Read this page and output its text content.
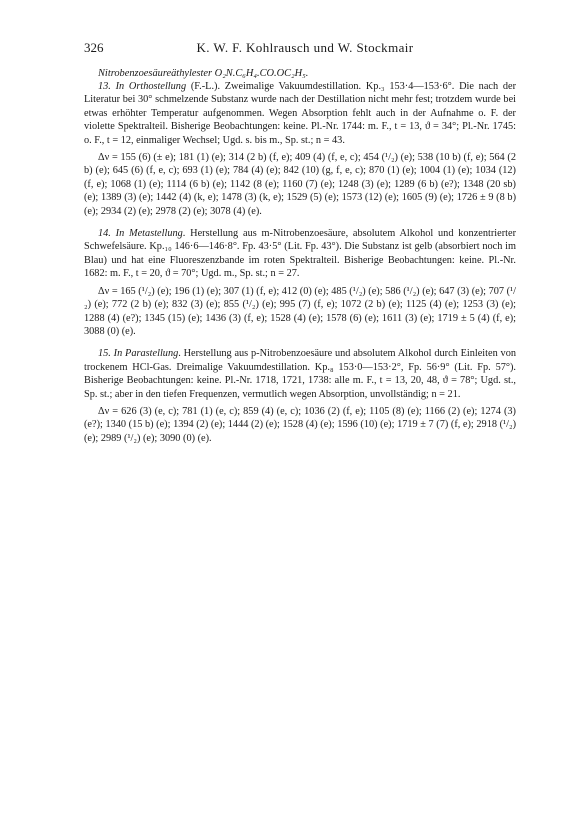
326	K. W. F. Kohlrausch und W. Stockmair

Nitrobenzoesäureäthylester O₂N.C₆H₄.CO.OC₂H₅.

13. In Orthostellung (F.-L.). Zweimalige Vakuumdestillation. Kp.₃ 153·4—153·6°. Die nach der Literatur bei 30° schmelzende Substanz wurde nach der Destillation nicht mehr fest; trotzdem wurde bei etwas erhöhter Temperatur aufgenommen. Wegen Absorption fehlt auch in der Aufnahme o. F. der violette Spektralteil. Bisherige Beobachtungen: keine. Pl.-Nr. 1744: m. F., t = 13, ϑ = 34°; Pl.-Nr. 1745: o. F., t = 12, einmaliger Wechsel; Ugd. s. bis m., Sp. st.; n = 43.

Δν = 155 (6) (± e); 181 (1) (e); 314 (2 b) (f, e); 409 (4) (f, e, c); 454 (¹/₂) (e); 538 (10 b) (f, e); 564 (2 b) (e); 645 (6) (f, e, c); 693 (1) (e); 784 (4) (e); 842 (10) (g, f, e, c); 870 (1) (e); 1004 (1) (e); 1034 (12) (f, e); 1068 (1) (e); 1114 (6 b) (e); 1142 (8 (e); 1160 (7) (e); 1248 (3) (e); 1289 (6 b) (e?); 1348 (20 sb) (e); 1389 (3) (e); 1442 (4) (k, e); 1478 (3) (k, e); 1529 (5) (e); 1573 (12) (e); 1605 (9) (e); 1726 ± 9 (8 b) (e); 2934 (2) (e); 2978 (2) (e); 3078 (4) (e).

14. In Metastellung. Herstellung aus m-Nitrobenzoesäure, absolutem Alkohol und konzentrierter Schwefelsäure. Kp.₁₀ 146·6—146·8°. Fp. 43·5° (Lit. Fp. 43°). Die Substanz ist gelb (absorbiert noch im Blau) und hat eine Fluoreszenzbande im roten Spektralteil. Bisherige Beobachtungen: keine. Pl.-Nr. 1682: m. F., t = 20, ϑ = 70°; Ugd. m., Sp. st.; n = 27.

Δν = 165 (¹/₂) (e); 196 (1) (e); 307 (1) (f, e); 412 (0) (e); 485 (¹/₂) (e); 586 (¹/₂) (e); 647 (3) (e); 707 (¹/₂) (e); 772 (2 b) (e); 832 (3) (e); 855 (¹/₂) (e); 995 (7) (f, e); 1072 (2 b) (e); 1125 (4) (e); 1253 (3) (e); 1288 (4) (e?); 1345 (15) (e); 1436 (3) (f, e); 1528 (4) (e); 1578 (6) (e); 1611 (3) (e); 1719 ± 5 (4) (f, e); 3088 (0) (e).

15. In Parastellung. Herstellung aus p-Nitrobenzoesäure und absolutem Alkohol durch Einleiten von trockenem HCl-Gas. Dreimalige Vakuumdestillation. Kp.₈ 153·0—153·2°, Fp. 56·9° (Lit. Fp. 57°). Bisherige Beobachtungen: keine. Pl.-Nr. 1718, 1721, 1738: alle m. F., t = 13, 20, 48, ϑ = 78°; Ugd. st., Sp. st.; aber in den tiefen Frequenzen, vermutlich wegen Absorption, unvollständig; n = 21.

Δν = 626 (3) (e, c); 781 (1) (e, c); 859 (4) (e, c); 1036 (2) (f, e); 1105 (8) (e); 1166 (2) (e); 1274 (3) (e?); 1340 (15 b) (e); 1394 (2) (e); 1444 (2) (e); 1528 (4) (e); 1596 (10) (e); 1719 ± 7 (7) (f, e); 2918 (¹/₂) (e); 2989 (¹/₂) (e); 3090 (0) (e).
